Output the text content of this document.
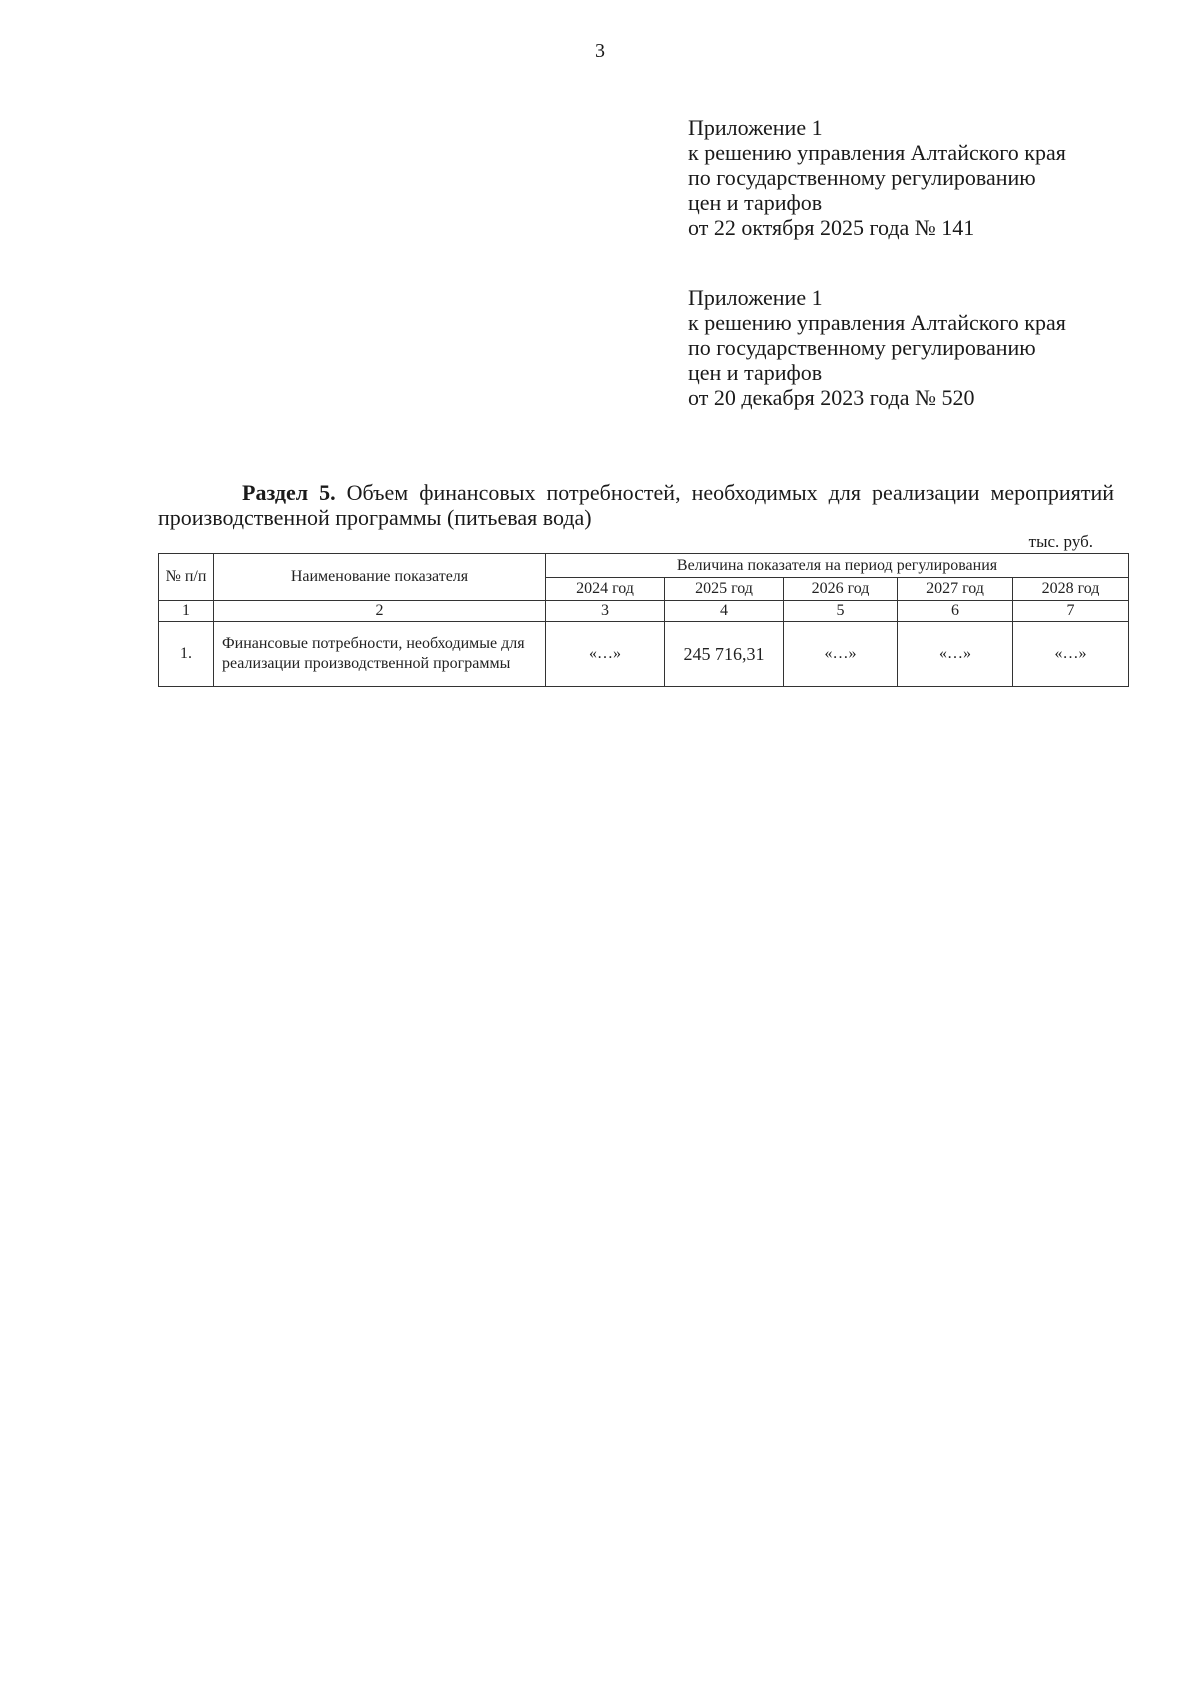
3
Приложение 1
к решению управления Алтайского края
по государственному регулированию
цен и тарифов
от 22 октября 2025 года № 141
Приложение 1
к решению управления Алтайского края
по государственному регулированию
цен и тарифов
от 20 декабря 2023 года № 520
Раздел 5. Объем финансовых потребностей, необходимых для реализации мероприятий производственной программы (питьевая вода)
тыс. руб.
№ п/п	Наименование показателя	Величина показателя на период регулирования				
		2024 год	2025 год	2026 год	2027 год	2028 год
1	2	3	4	5	6	7
1.	Финансовые потребности, необходимые для реализации производственной программы	«…»	245 716,31	«…»	«…»	«…»
